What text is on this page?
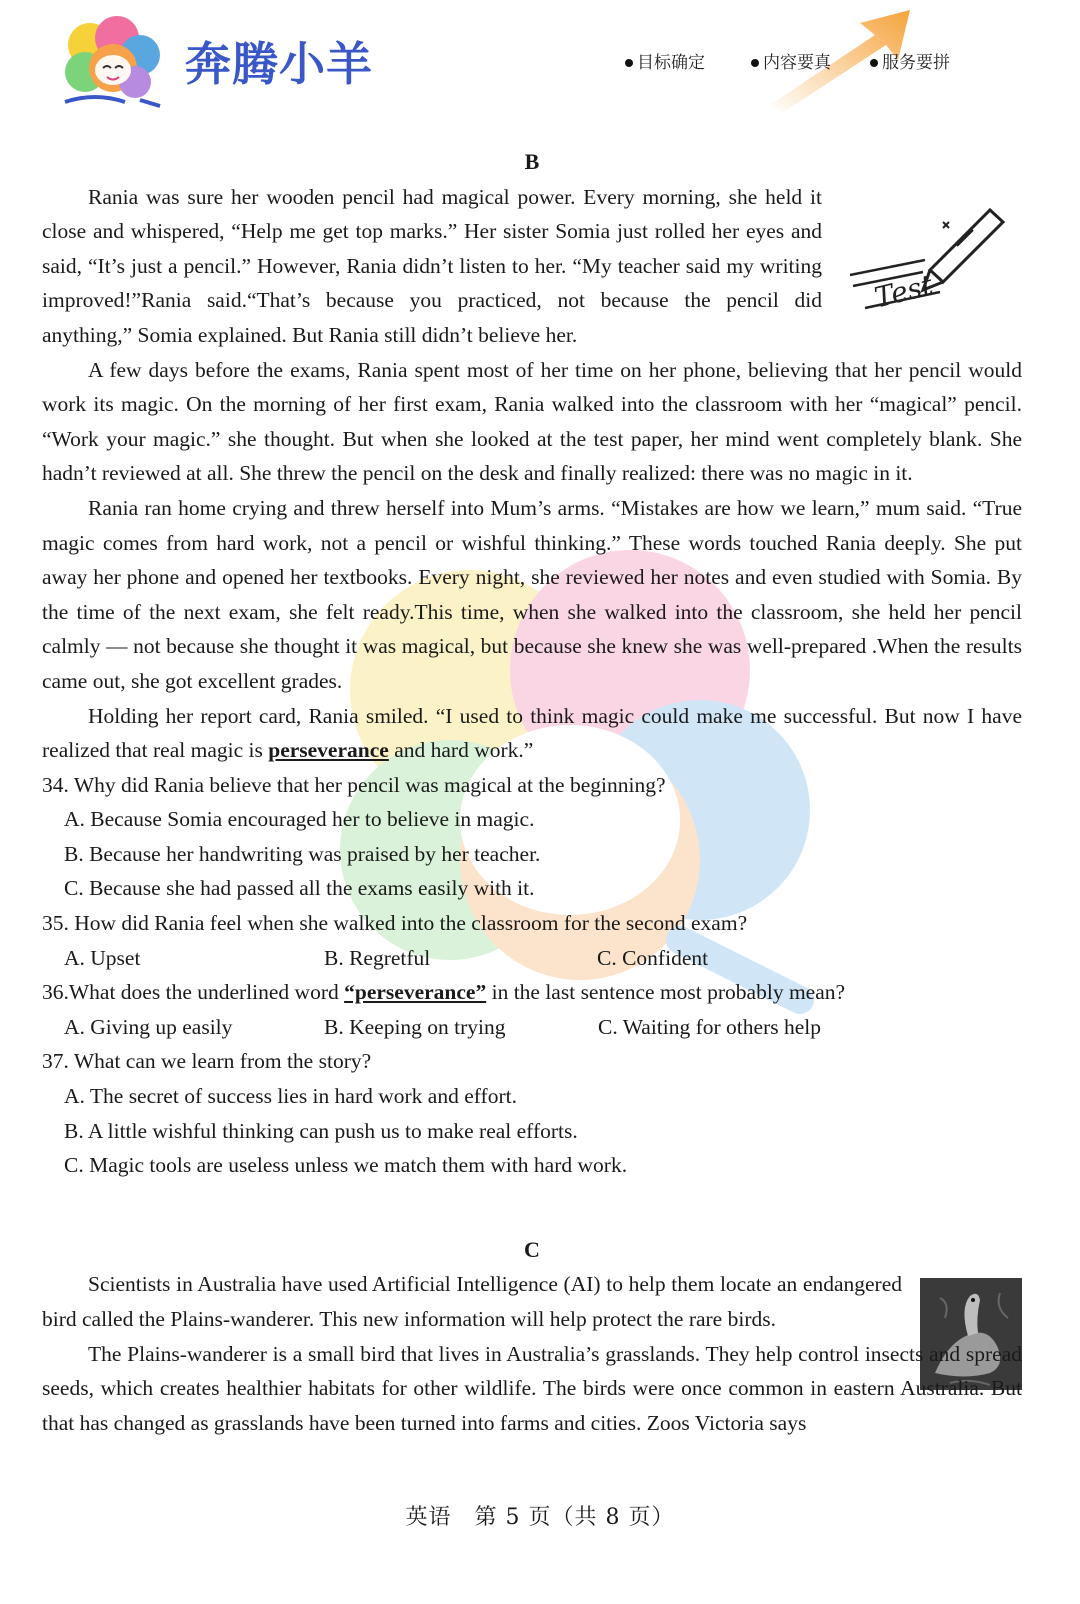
奔腾小羊	目标确定	内容要真	服务要拼
Test
B

Rania was sure her wooden pencil had magical power. Every morning, she held it close and whispered, “Help me get top marks.” Her sister Somia just rolled her eyes and said, “It’s just a pencil.” However, Rania didn’t listen to her. “My teacher said my writing improved!”Rania said.“That’s because you practiced, not because the pencil did anything,” Somia explained. But Rania still didn’t believe her.

A few days before the exams, Rania spent most of her time on her phone, believing that her pencil would work its magic. On the morning of her first exam, Rania walked into the classroom with her “magical” pencil. “Work your magic.” she thought. But when she looked at the test paper, her mind went completely blank. She hadn’t reviewed at all. She threw the pencil on the desk and finally realized: there was no magic in it.

Rania ran home crying and threw herself into Mum’s arms. “Mistakes are how we learn,” mum said. “True magic comes from hard work, not a pencil or wishful thinking.” These words touched Rania deeply. She put away her phone and opened her textbooks. Every night, she reviewed her notes and even studied with Somia. By the time of the next exam, she felt ready.This time, when she walked into the classroom, she held her pencil calmly — not because she thought it was magical, but because she knew she was well-prepared .When the results came out, she got excellent grades.

Holding her report card, Rania smiled. “I used to think magic could make me successful. But now I have realized that real magic is perseverance and hard work.”

34. Why did Rania believe that her pencil was magical at the beginning?

A. Because Somia encouraged her to believe in magic.

B. Because her handwriting was praised by her teacher.

C. Because she had passed all the exams easily with it.

35. How did Rania feel when she walked into the classroom for the second exam?

A. Upset	B. Regretful	C. Confident

36.What does the underlined word “perseverance” in the last sentence most probably mean?

A. Giving up easily	B. Keeping on trying	C. Waiting for others help

37. What can we learn from the story?

A. The secret of success lies in hard work and effort.

B. A little wishful thinking can push us to make real efforts.

C. Magic tools are useless unless we match them with hard work.

C

Scientists in Australia have used Artificial Intelligence (AI) to help them locate an endangered bird called the Plains-wanderer. This new information will help protect the rare birds.

The Plains-wanderer is a small bird that lives in Australia’s grasslands. They help control insects and spread seeds, which creates healthier habitats for other wildlife. The birds were once common in eastern Australia. But that has changed as grasslands have been turned into farms and cities. Zoos Victoria says

英语　第 5 页（共 8 页）
